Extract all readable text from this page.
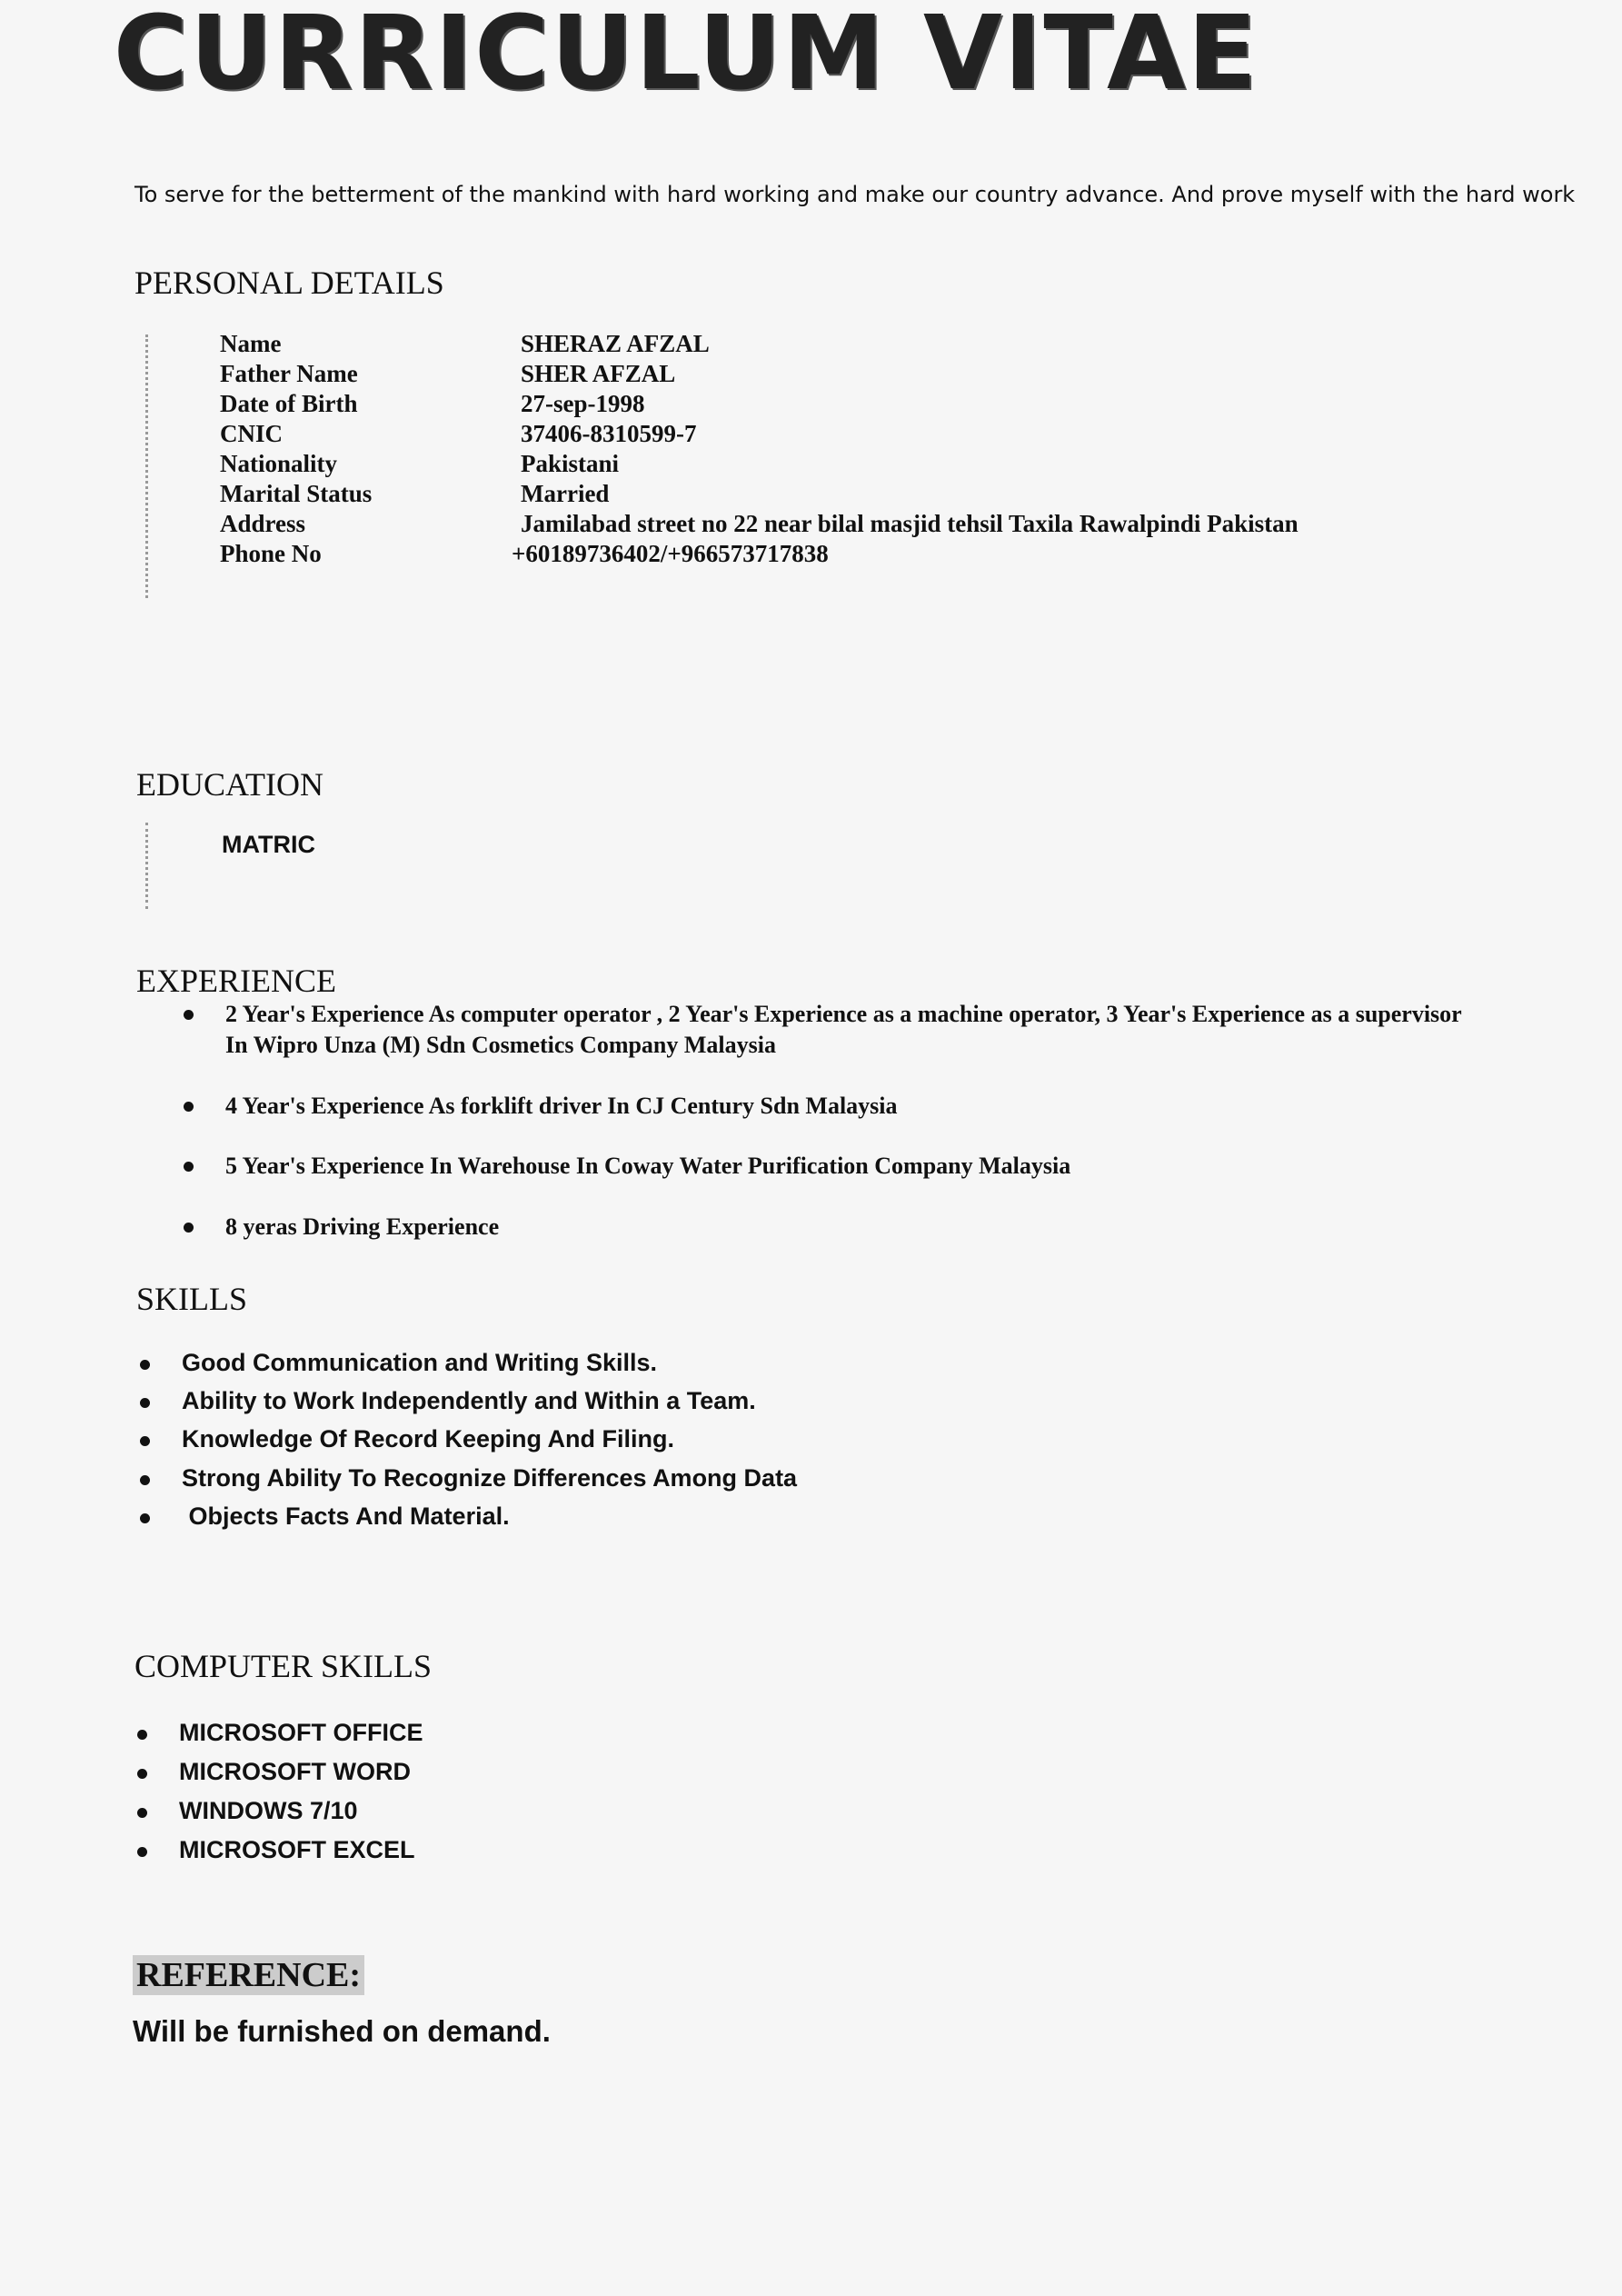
CURRICULUM VITAE

To serve for the betterment of the mankind with hard working and make our country advance. And prove myself with the hard work

PERSONAL DETAILS
Name	SHERAZ AFZAL
Father Name	SHER AFZAL
Date of Birth	27-sep-1998
CNIC	37406-8310599-7
Nationality	Pakistani
Marital Status	Married
Address	Jamilabad street no 22 near bilal masjid tehsil Taxila Rawalpindi Pakistan
Phone No	+60189736402/+966573717838
EDUCATION
MATRIC
EXPERIENCE
2 Year's Experience As computer operator , 2 Year's Experience as a machine operator, 3 Year's Experience as a supervisor In Wipro Unza (M) Sdn Cosmetics Company Malaysia
4 Year's Experience As forklift driver In CJ Century Sdn Malaysia
5 Year's Experience In Warehouse In Coway Water Purification Company Malaysia
8 yeras Driving Experience
SKILLS
Good Communication and Writing Skills.
Ability to Work Independently and Within a Team.
Knowledge Of Record Keeping And Filing.
Strong Ability To Recognize Differences Among Data
Objects Facts And Material.
COMPUTER SKILLS
MICROSOFT OFFICE
MICROSOFT WORD
WINDOWS 7/10
MICROSOFT EXCEL
REFERENCE:
Will be furnished on demand.
